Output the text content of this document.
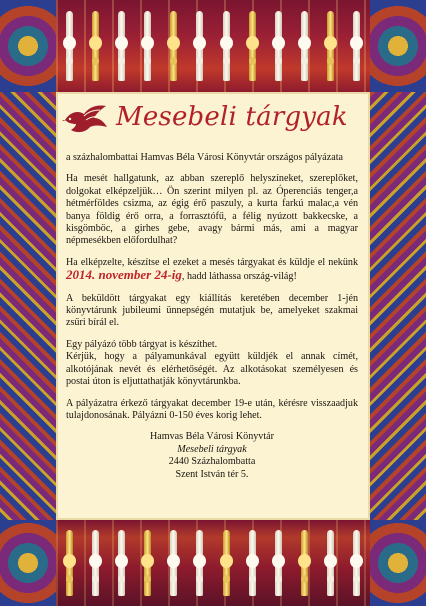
Mesebeli tárgyak

a százhalombattai Hamvas Béla Városi Könyvtár országos pályázata

Ha mesét hallgatunk, az abban szereplő helyszíneket, szereplőket, dolgokat elképzeljük… Ön szerint milyen pl. az Óperenciás tenger,a hétmérföldes csizma, az égig érő paszuly, a kurta farkú malac,a vén banya földig érő orra, a forrasztófű, a félig nyúzott bakkecske, a kisgömböc, a girhes gebe, avagy bármi más, ami a magyar népmesékben előfordulhat?

Ha elképzelte, készítse el ezeket a mesés tárgyakat és küldje el nekünk 2014. november 24-ig, hadd láthassa ország-világ!

A beküldött tárgyakat egy kiállítás keretében december 1-jén könyvtárunk jubileumi ünnepségén mutatjuk be, amelyeket szakmai zsűri bírál el.

Egy pályázó több tárgyat is készíthet.
Kérjük, hogy a pályamunkával együtt küldjék el annak címét, alkotójának nevét és elérhetőségét. Az alkotásokat személyesen és postai úton is eljuttathatják könyvtárunkba.

A pályázatra érkező tárgyakat december 19-e után, kérésre visszaadjuk tulajdonosának. Pályázni 0-150 éves korig lehet.

Hamvas Béla Városi Könyvtár
Mesebeli tárgyak
2440 Százhalombatta
Szent István tér 5.
